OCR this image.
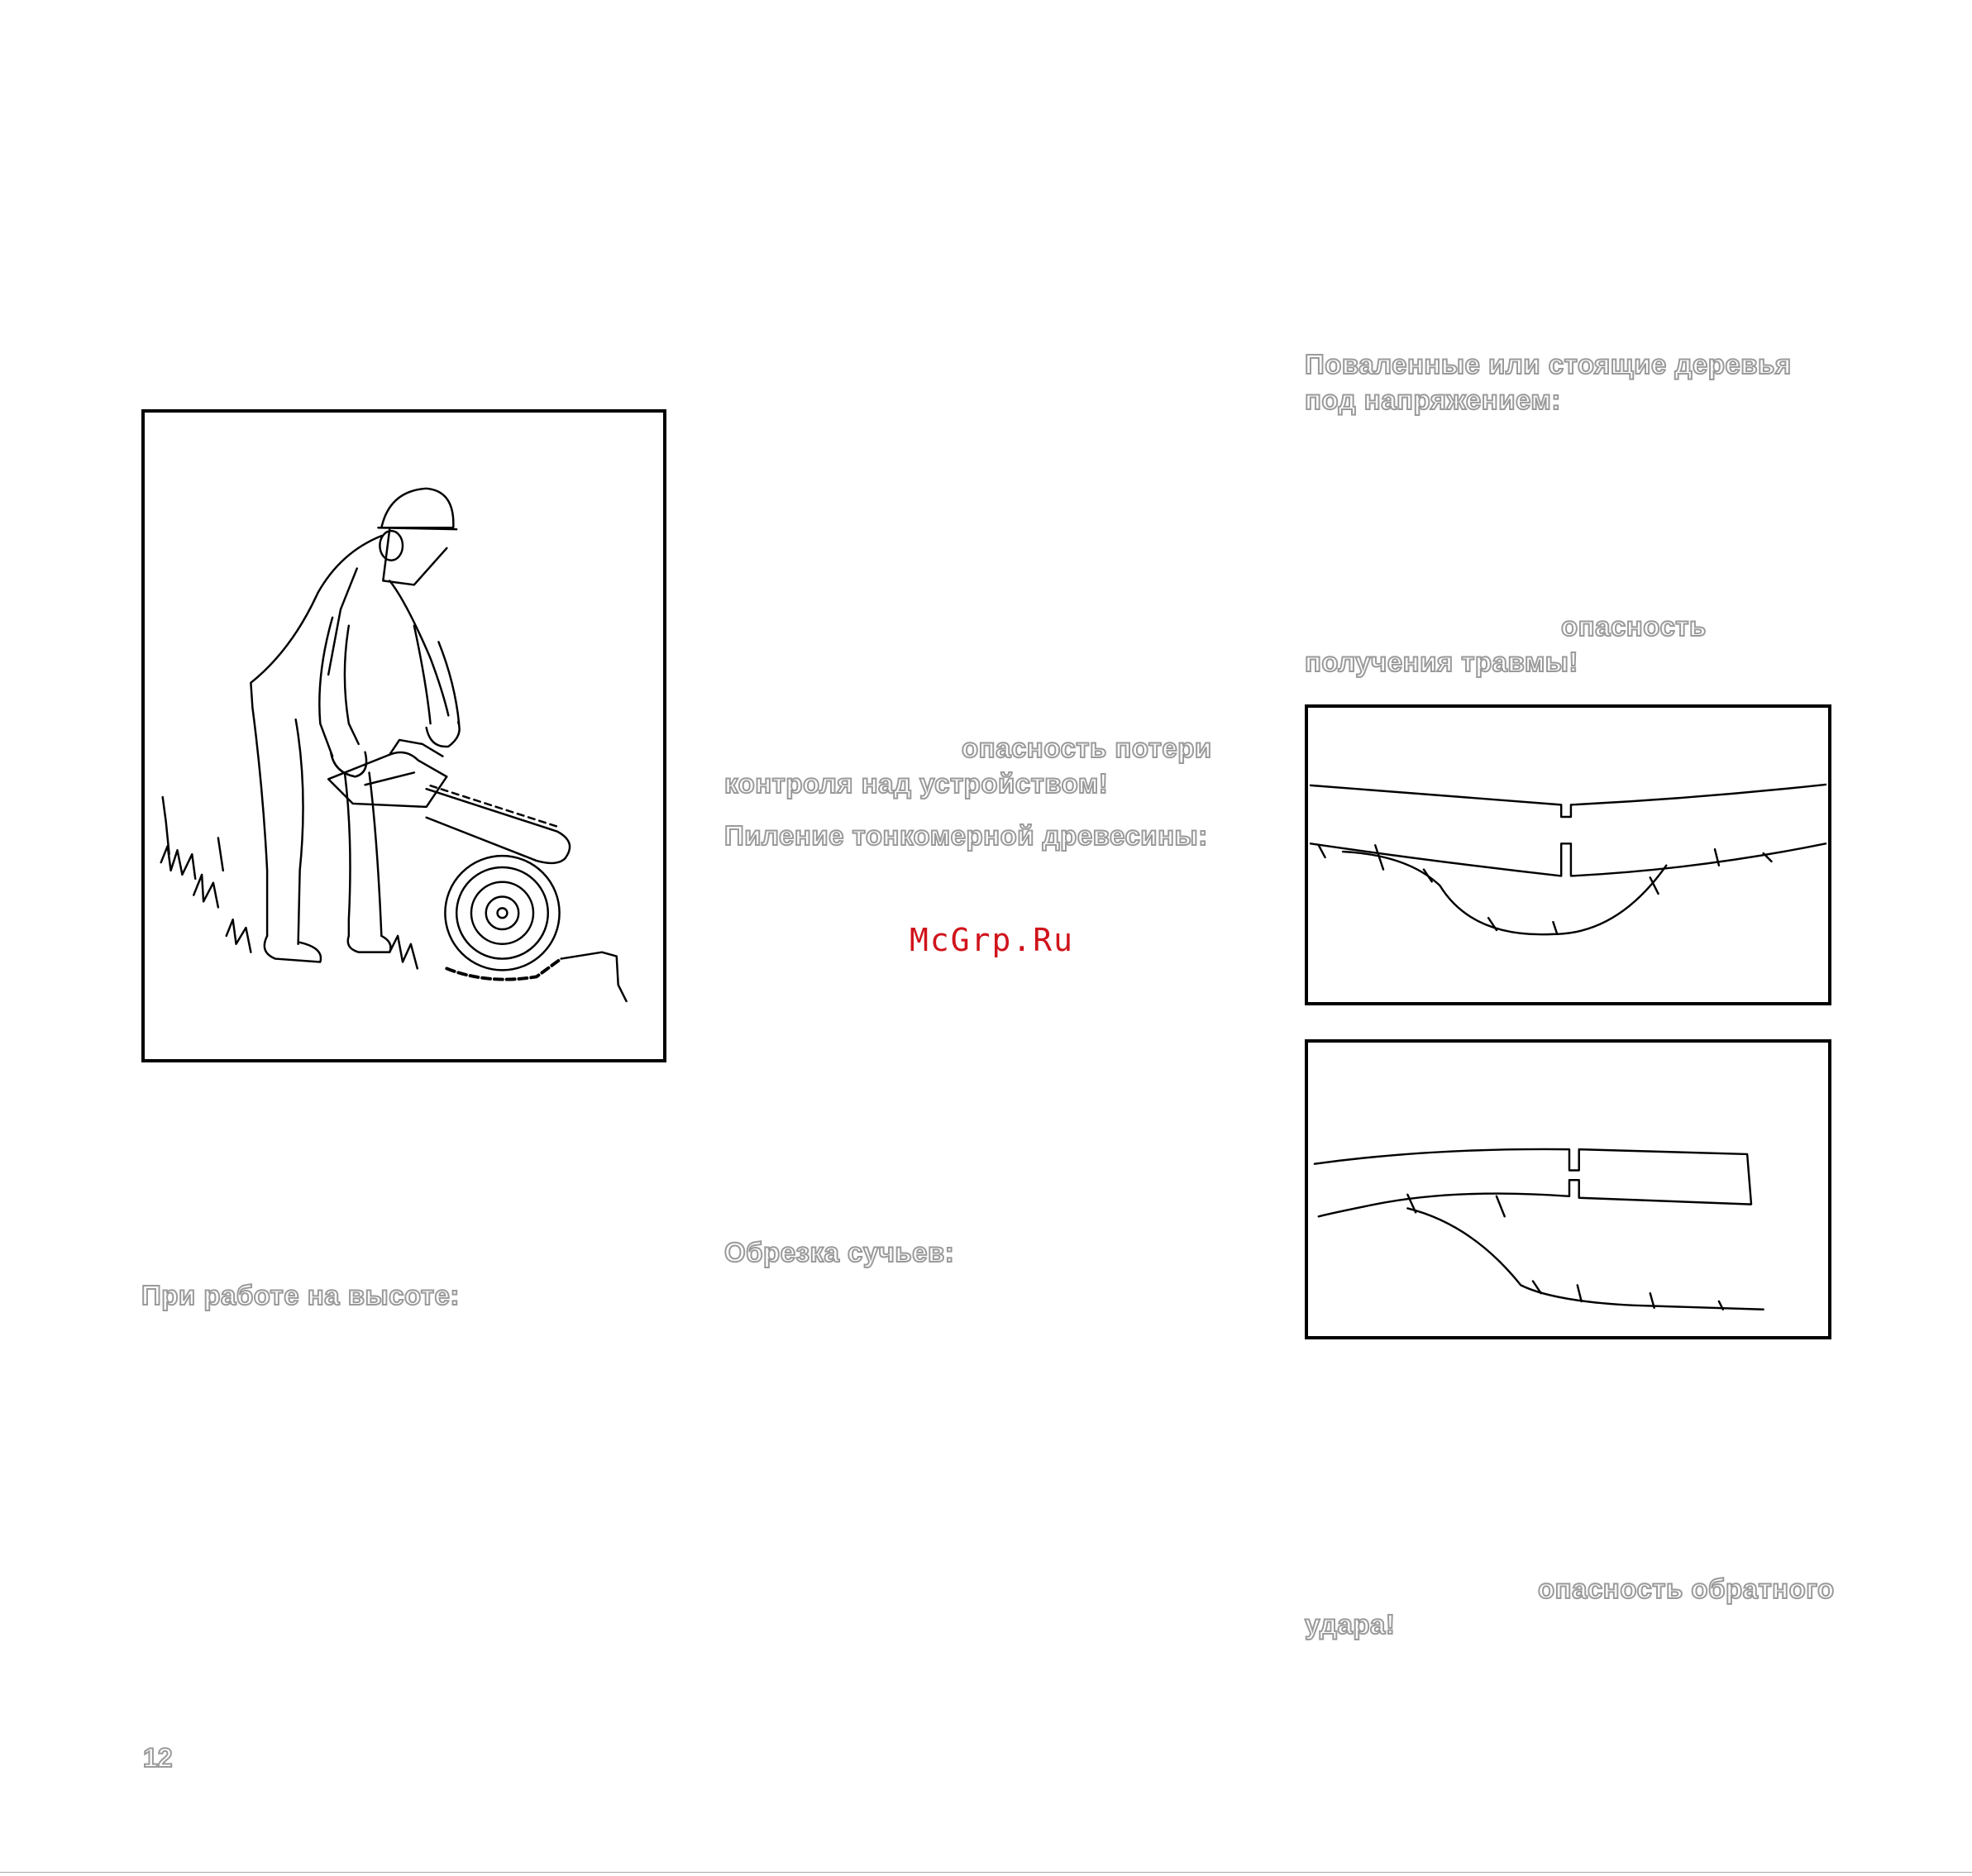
Поваленные или стоящие деревья
под напряжением:
опасность
получения травмы!
опасность потери
контроля над устройством!
Пиление тонкомерной древесины:
McGrp.Ru
Обрезка сучьев:
При работе на высоте:
опасность обратного
удара!
12
